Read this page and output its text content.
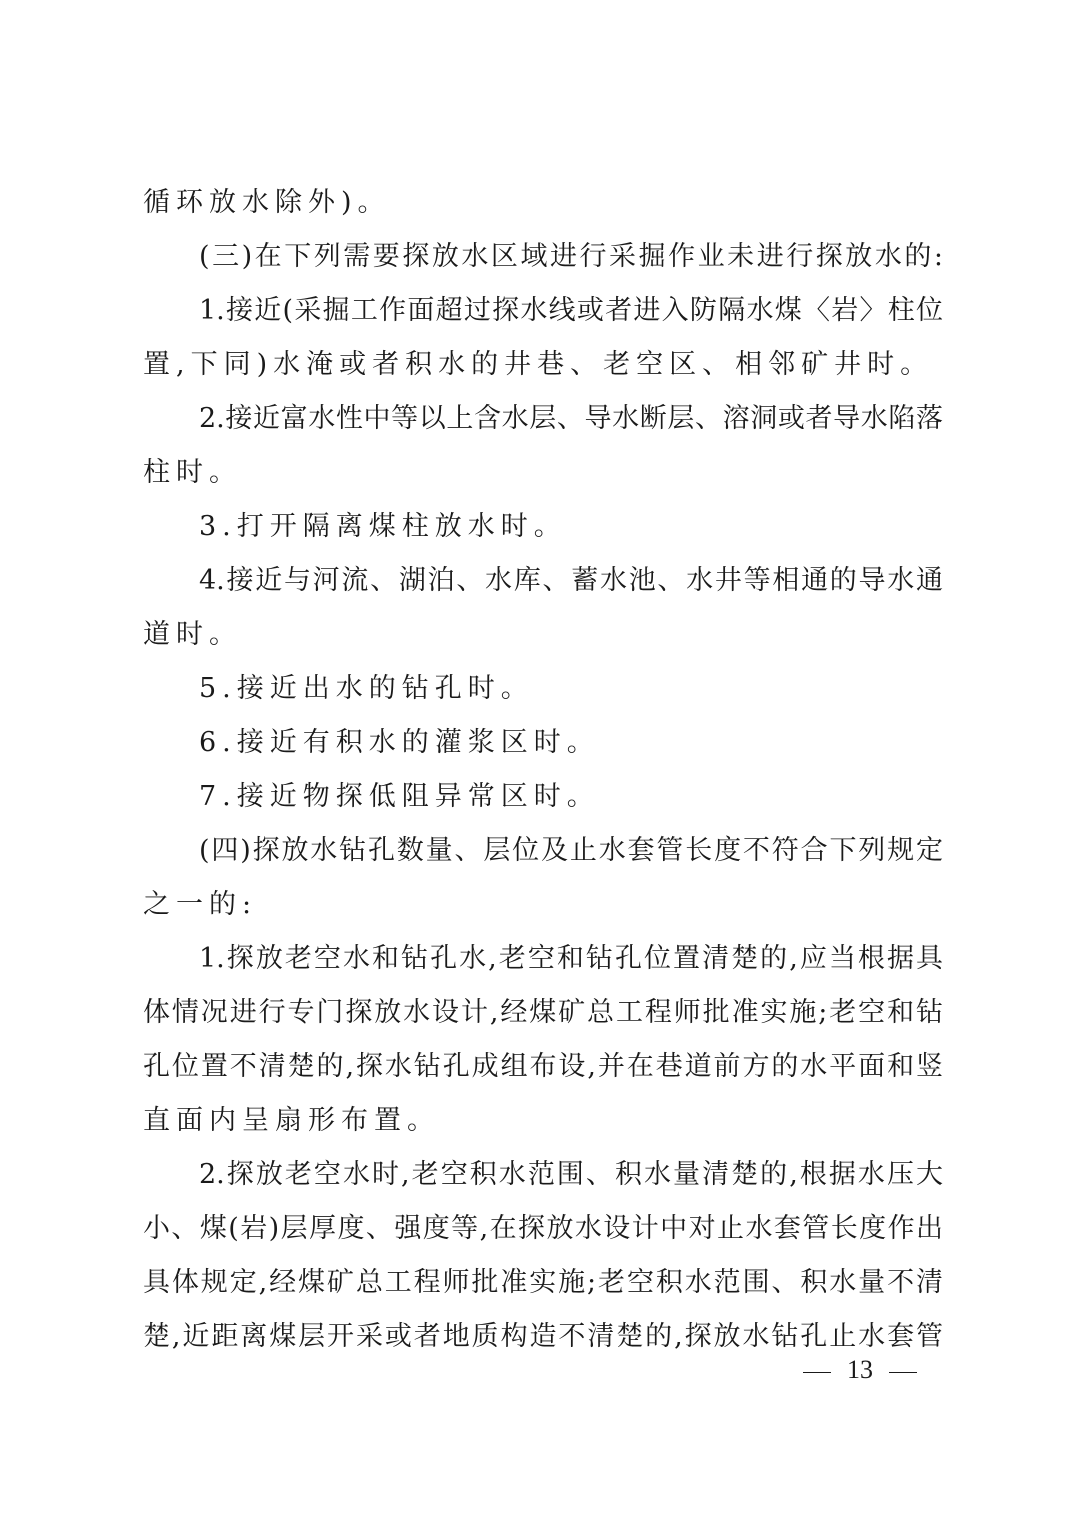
循环放水除外)。
(三)在下列需要探放水区域进行采掘作业未进行探放水的:
1.接近(采掘工作面超过探水线或者进入防隔水煤〈岩〉柱位
置,下同)水淹或者积水的井巷、老空区、相邻矿井时。
2.接近富水性中等以上含水层、导水断层、溶洞或者导水陷落
柱时。
3.打开隔离煤柱放水时。
4.接近与河流、湖泊、水库、蓄水池、水井等相通的导水通
道时。
5.接近出水的钻孔时。
6.接近有积水的灌浆区时。
7.接近物探低阻异常区时。
(四)探放水钻孔数量、层位及止水套管长度不符合下列规定
之一的:
1.探放老空水和钻孔水,老空和钻孔位置清楚的,应当根据具
体情况进行专门探放水设计,经煤矿总工程师批准实施;老空和钻
孔位置不清楚的,探水钻孔成组布设,并在巷道前方的水平面和竖
直面内呈扇形布置。
2.探放老空水时,老空积水范围、积水量清楚的,根据水压大
小、煤(岩)层厚度、强度等,在探放水设计中对止水套管长度作出
具体规定,经煤矿总工程师批准实施;老空积水范围、积水量不清
楚,近距离煤层开采或者地质构造不清楚的,探放水钻孔止水套管
13
